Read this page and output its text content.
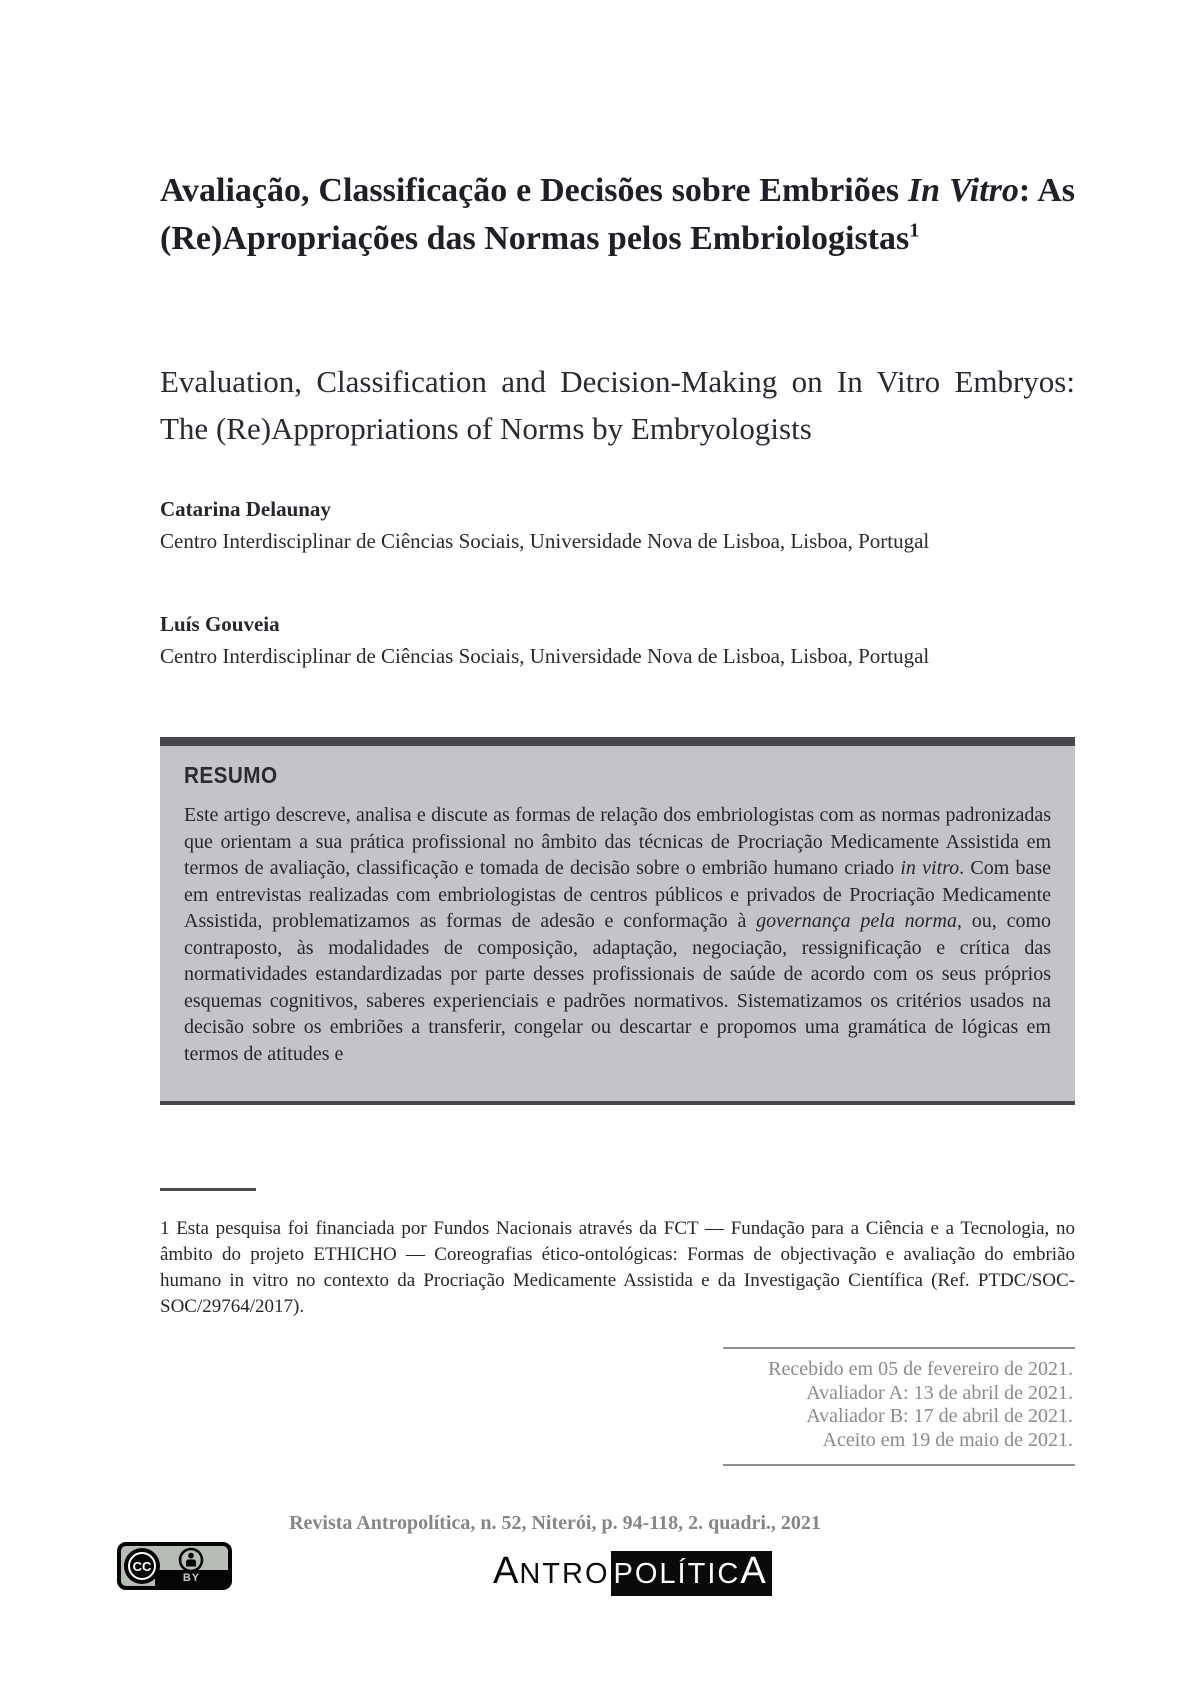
Avaliação, Classificação e Decisões sobre Embriões In Vitro: As (Re)Apropriações das Normas pelos Embriologistas$^1$
Evaluation, Classification and Decision-Making on In Vitro Embryos: The (Re)Appropriations of Norms by Embryologists
Catarina Delaunay
Centro Interdisciplinar de Ciências Sociais, Universidade Nova de Lisboa, Lisboa, Portugal
Luís Gouveia
Centro Interdisciplinar de Ciências Sociais, Universidade Nova de Lisboa, Lisboa, Portugal
RESUMO

Este artigo descreve, analisa e discute as formas de relação dos embriologistas com as normas padronizadas que orientam a sua prática profissional no âmbito das técnicas de Procriação Medicamente Assistida em termos de avaliação, classificação e tomada de decisão sobre o embrião humano criado in vitro. Com base em entrevistas realizadas com embriologistas de centros públicos e privados de Procriação Medicamente Assistida, problematizamos as formas de adesão e conformação à governança pela norma, ou, como contraposto, às modalidades de composição, adaptação, negociação, ressignificação e crítica das normatividades estandardizadas por parte desses profissionais de saúde de acordo com os seus próprios esquemas cognitivos, saberes experienciais e padrões normativos. Sistematizamos os critérios usados na decisão sobre os embriões a transferir, congelar ou descartar e propomos uma gramática de lógicas em termos de atitudes e

1 Esta pesquisa foi financiada por Fundos Nacionais através da FCT — Fundação para a Ciência e a Tecnologia, no âmbito do projeto ETHICHO — Coreografias ético-ontológicas: Formas de objectivação e avaliação do embrião humano in vitro no contexto da Procriação Medicamente Assistida e da Investigação Científica (Ref. PTDC/SOC-SOC/29764/2017).

Recebido em 05 de fevereiro de 2021.
Avaliador A: 13 de abril de 2021.
Avaliador B: 17 de abril de 2021.
Aceito em 19 de maio de 2021.
Revista Antropolítica, n. 52, Niterói, p. 94-118, 2. quadri., 2021
BY
CC	A NTRO POLÍTIC A
